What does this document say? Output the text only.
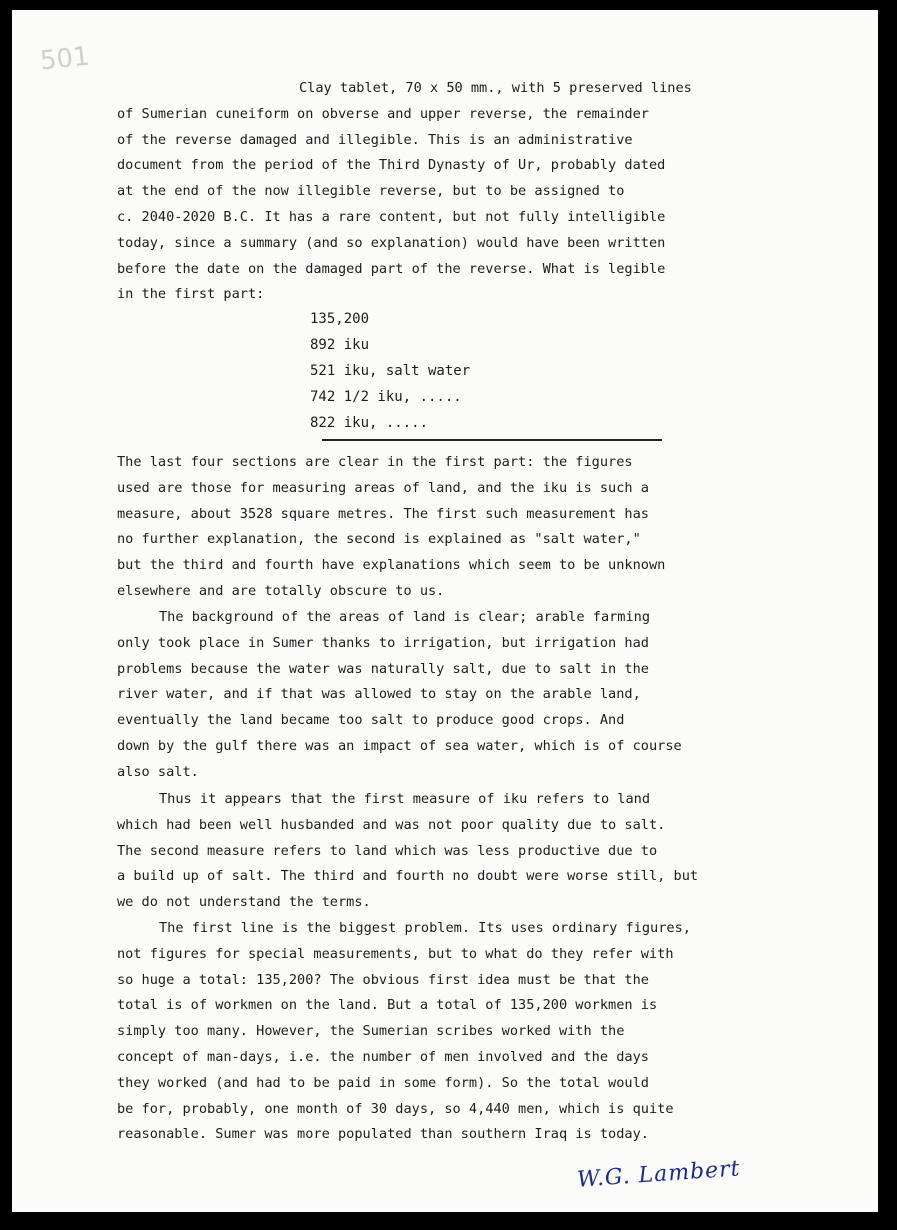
501
Clay tablet, 70 x 50 mm., with 5 preserved lines
of Sumerian cuneiform on obverse and upper reverse, the remainder
of the reverse damaged and illegible. This is an administrative
document from the period of the Third Dynasty of Ur, probably dated
at the end of the now illegible reverse, but to be assigned to
c. 2040-2020 B.C. It has a rare content, but not fully intelligible
today, since a summary (and so explanation) would have been written
before the date on the damaged part of the reverse. What is legible
in the first part:
135,200
892 iku
521 iku, salt water
742 1/2 iku, .....
822 iku, .....
The last four sections are clear in the first part: the figures
used are those for measuring areas of land, and the iku is such a
measure, about 3528 square metres. The first such measurement has
no further explanation, the second is explained as "salt water,"
but the third and fourth have explanations which seem to be unknown
elsewhere and are totally obscure to us.
The background of the areas of land is clear; arable farming
only took place in Sumer thanks to irrigation, but irrigation had
problems because the water was naturally salt, due to salt in the
river water, and if that was allowed to stay on the arable land,
eventually the land became too salt to produce good crops. And
down by the gulf there was an impact of sea water, which is of course
also salt.
Thus it appears that the first measure of iku refers to land
which had been well husbanded and was not poor quality due to salt.
The second measure refers to land which was less productive due to
a build up of salt. The third and fourth no doubt were worse still, but
we do not understand the terms.
The first line is the biggest problem. Its uses ordinary figures,
not figures for special measurements, but to what do they refer with
so huge a total: 135,200? The obvious first idea must be that the
total is of workmen on the land. But a total of 135,200 workmen is
simply too many. However, the Sumerian scribes worked with the
concept of man-days, i.e. the number of men involved and the days
they worked (and had to be paid in some form). So the total would
be for, probably, one month of 30 days, so 4,440 men, which is quite
reasonable. Sumer was more populated than southern Iraq is today.
W.G. Lambert
